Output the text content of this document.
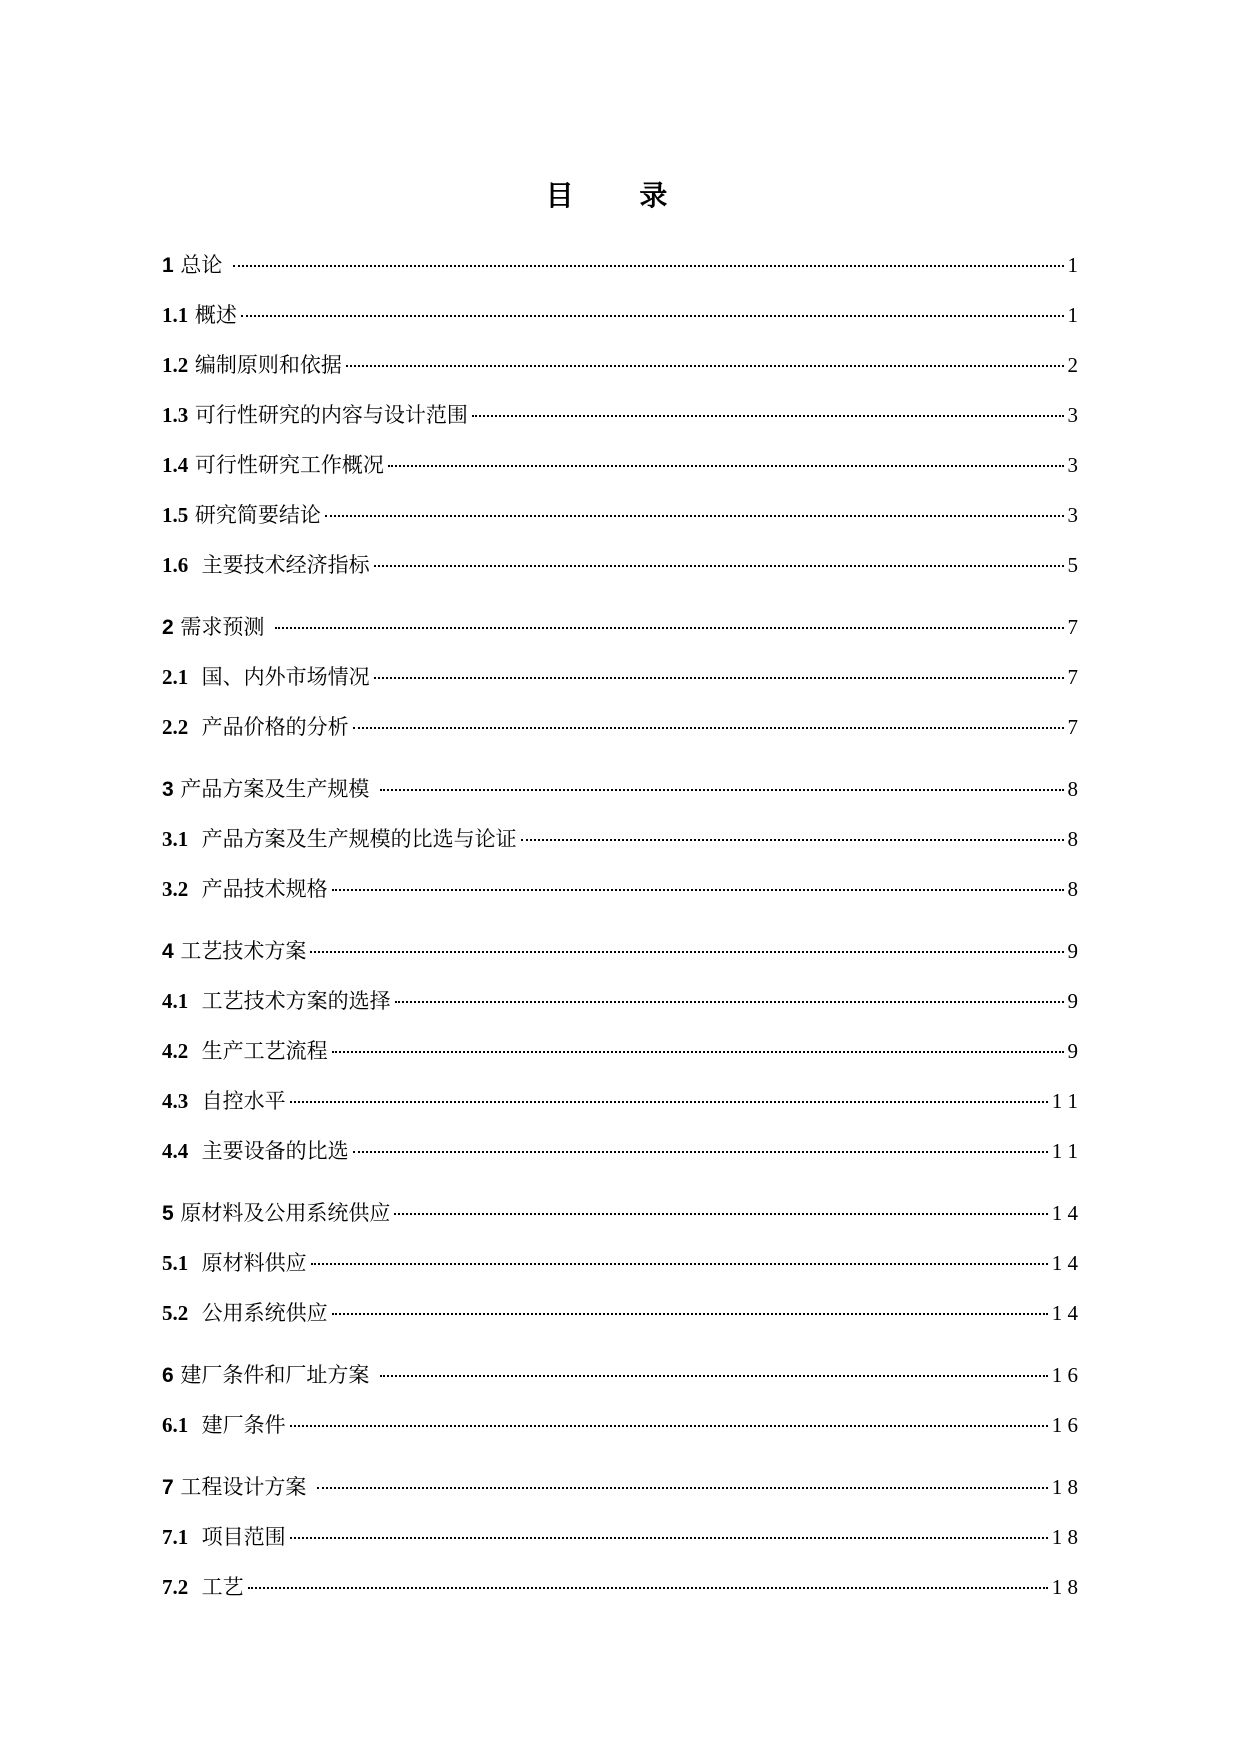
目 录
1 总论	1
1.1 概述	1
1.2 编制原则和依据	2
1.3 可行性研究的内容与设计范围	3
1.4 可行性研究工作概况	3
1.5 研究简要结论	3
1.6  主要技术经济指标	5
2 需求预测	7
2.1  国、内外市场情况	7
2.2  产品价格的分析	7
3 产品方案及生产规模	8
3.1  产品方案及生产规模的比选与论证	8
3.2  产品技术规格	8
4 工艺技术方案	9
4.1  工艺技术方案的选择	9
4.2  生产工艺流程	9
4.3  自控水平	1 1
4.4  主要设备的比选	1 1
5 原材料及公用系统供应	1 4
5.1  原材料供应	1 4
5.2  公用系统供应	1 4
6 建厂条件和厂址方案	1 6
6.1  建厂条件	1 6
7 工程设计方案	1 8
7.1  项目范围	1 8
7.2  工艺	1 8
